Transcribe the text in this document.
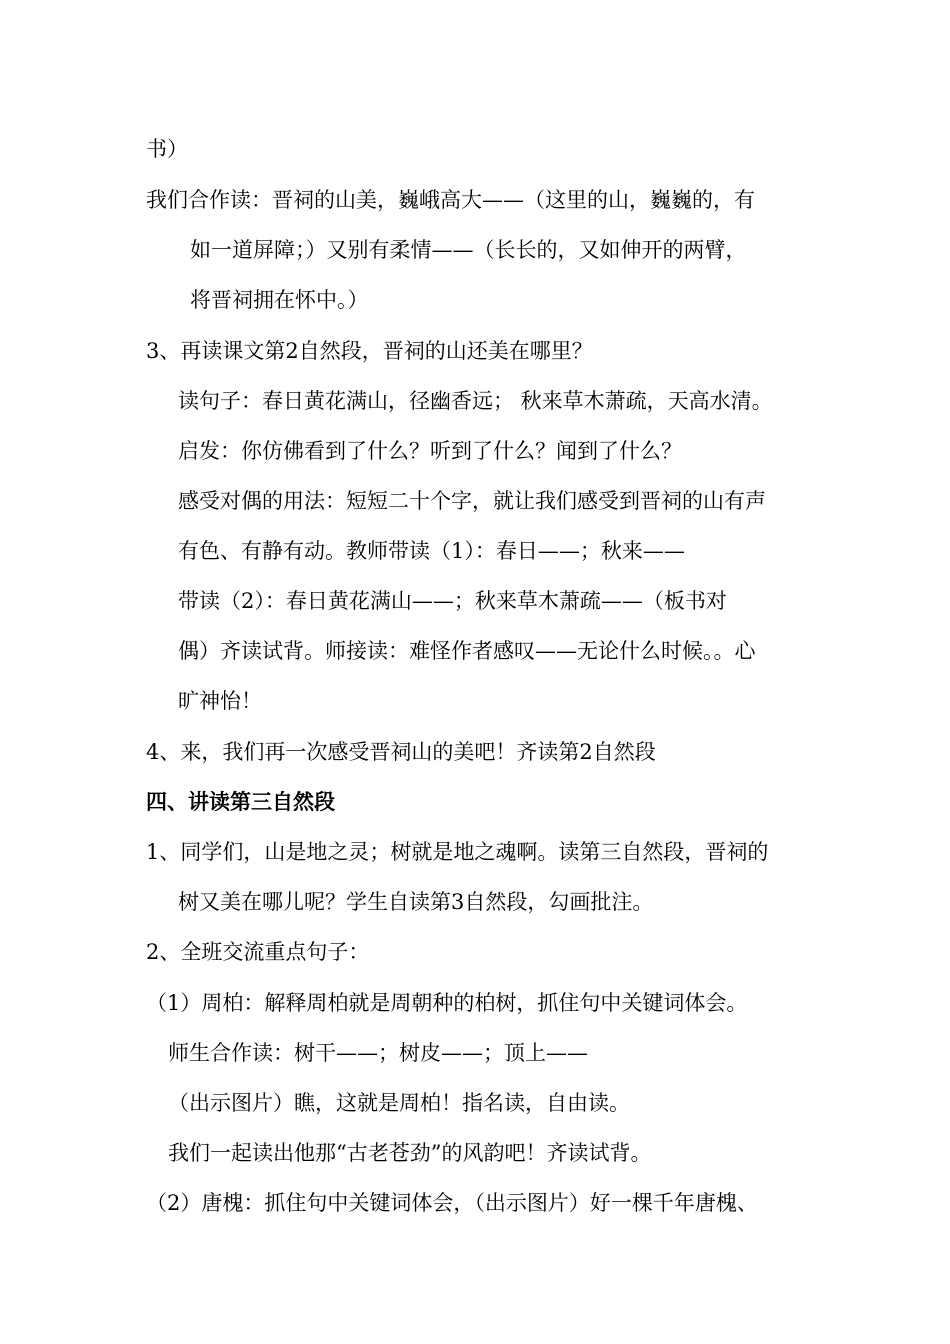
书）
我们合作读：晋祠的山美，巍峨高大——（这里的山，巍巍的，有
如一道屏障；）又别有柔情——（长长的，又如伸开的两臂，
将晋祠拥在怀中。）
3、再读课文第2自然段，晋祠的山还美在哪里？
读句子：春日黄花满山，径幽香远； 秋来草木萧疏，天高水清。
启发：你仿佛看到了什么？听到了什么？闻到了什么？
感受对偶的用法：短短二十个字，就让我们感受到晋祠的山有声
有色、有静有动。教师带读（1）：春日——；秋来——
带读（2）：春日黄花满山——；秋来草木萧疏——（板书对
偶）齐读试背。师接读：难怪作者感叹——无论什么时候。。心
旷神怡！
4、来，我们再一次感受晋祠山的美吧！齐读第2自然段
四、讲读第三自然段
1、同学们，山是地之灵；树就是地之魂啊。读第三自然段，晋祠的
树又美在哪儿呢？学生自读第3自然段，勾画批注。
2、全班交流重点句子：
（1）周柏：解释周柏就是周朝种的柏树，抓住句中关键词体会。
师生合作读：树干——；树皮——；顶上——
（出示图片）瞧，这就是周柏！指名读，自由读。
我们一起读出他那“古老苍劲”的风韵吧！齐读试背。
（2）唐槐：抓住句中关键词体会，（出示图片）好一棵千年唐槐、
